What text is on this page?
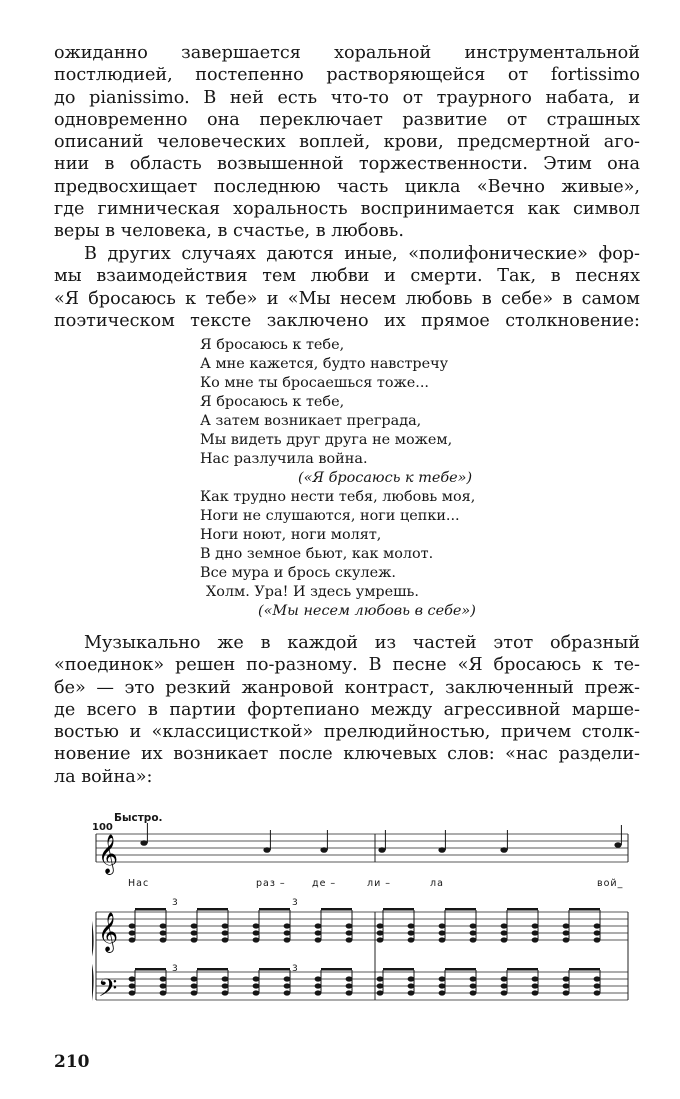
ожиданно завершается хоральной инструментальной
постлюдией, постепенно растворяющейся от fortissimo
до pianissimo. В ней есть что-то от траурного набата, и
одновременно она переключает развитие от страшных
описаний человеческих воплей, крови, предсмертной аго-
нии в область возвышенной торжественности. Этим она
предвосхищает последнюю часть цикла «Вечно живые»,
где гимническая хоральность воспринимается как символ
веры в человека, в счастье, в любовь.
В других случаях даются иные, «полифонические» фор-
мы взаимодействия тем любви и смерти. Так, в песнях
«Я бросаюсь к тебе» и «Мы несем любовь в себе» в самом
поэтическом тексте заключено их прямое столкновение:
Я бросаюсь к тебе,
А мне кажется, будто навстречу
Ко мне ты бросаешься тоже...
Я бросаюсь к тебе,
А затем возникает преграда,
Мы видеть друг друга не можем,
Нас разлучила война.
(«Я бросаюсь к тебе»)
Как трудно нести тебя, любовь моя,
Ноги не слушаются, ноги цепки...
Ноги ноют, ноги молят,
В дно земное бьют, как молот.
Все мура и брось скулеж.
Холм. Ура! И здесь умрешь.
(«Мы несем любовь в себе»)
Музыкально же в каждой из частей этот образный
«поединок» решен по-разному. В песне «Я бросаюсь к те-
бе» — это резкий жанровой контраст, заключенный преж-
де всего в партии фортепиано между агрессивной марше-
востью и «классицисткой» прелюдийностью, причем столк-
новение их возникает после ключевых слов: «нас раздели-
ла война»:
100
Быстро.
𝄞
𝄞
𝄢
Нас	раз –	де –	ли –	ла	вой_
3	3
3	3
210
